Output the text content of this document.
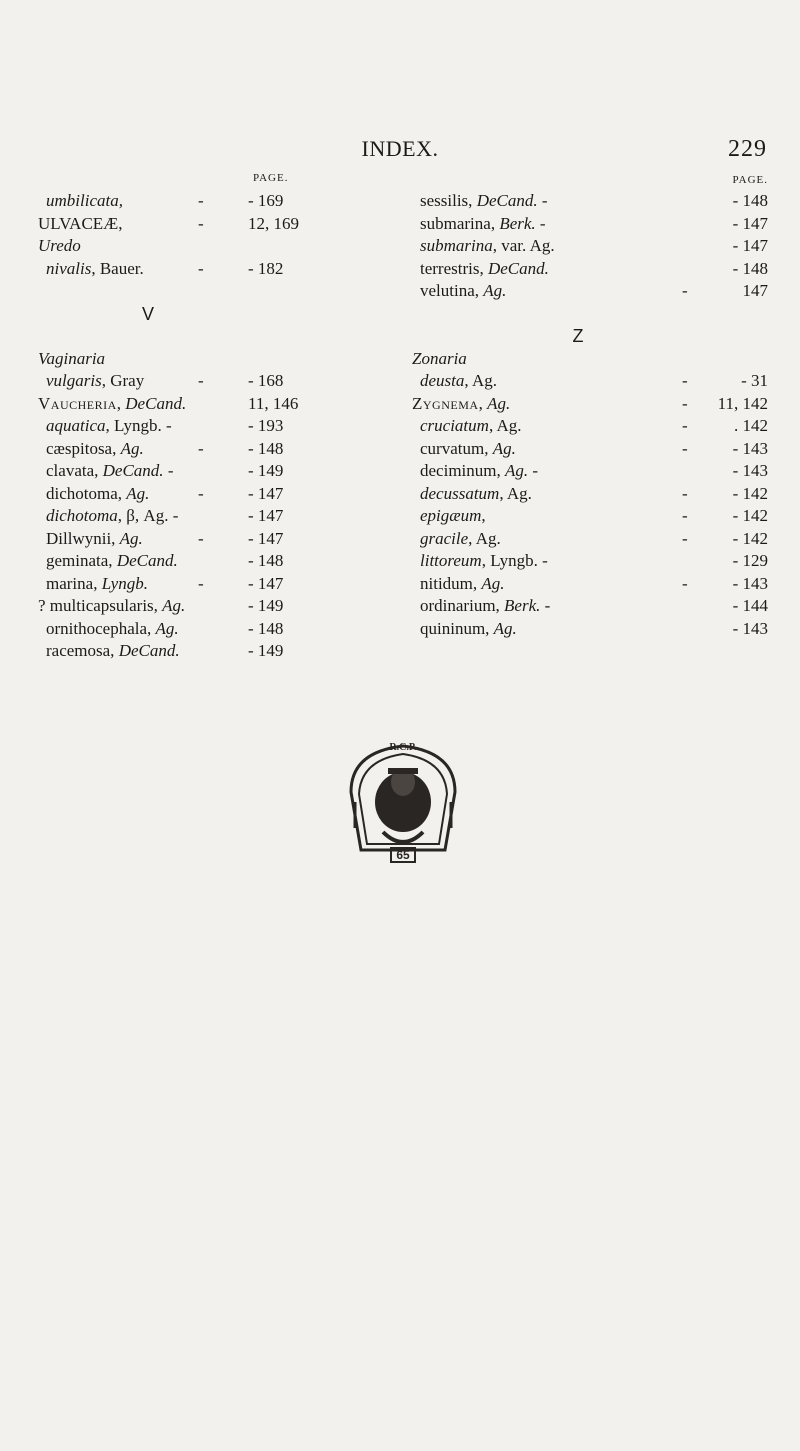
INDEX.	229
PAGE.
umbilicata,	-	- 169
ULVACEÆ,	-	12, 169
Uredo
nivalis, Bauer.	-	- 182
V
Vaginaria
vulgaris, Gray	-	- 168
Vaucheria, DeCand.	11, 146
aquatica, Lyngb. -	- 193
cæspitosa, Ag.	-	- 148
clavata, DeCand. -	- 149
dichotoma, Ag.	-	- 147
dichotoma, β, Ag. -	- 147
Dillwynii, Ag.	-	- 147
geminata, DeCand.	- 148
marina, Lyngb.	-	- 147
? multicapsularis, Ag.	- 149
ornithocephala, Ag.	- 148
racemosa, DeCand.	- 149
PAGE.
sessilis, DeCand. -	- 148
submarina, Berk. -	- 147
submarina, var. Ag.	- 147
terrestris, DeCand.	- 148
velutina, Ag.	-	147
Z
Zonaria
deusta, Ag.	-	- 31
Zygnema, Ag.	- 11, 142
cruciatum, Ag.	-	. 142
curvatum, Ag.	-	- 143
deciminum, Ag. -	- 143
decussatum, Ag.	-	- 142
epigæum,	-	- 142
gracile, Ag.	-	- 142
littoreum, Lyngb. -	- 129
nitidum, Ag.	-	- 143
ordinarium, Berk. -	- 144
quininum, Ag.	- 143
65
R.C.P.
